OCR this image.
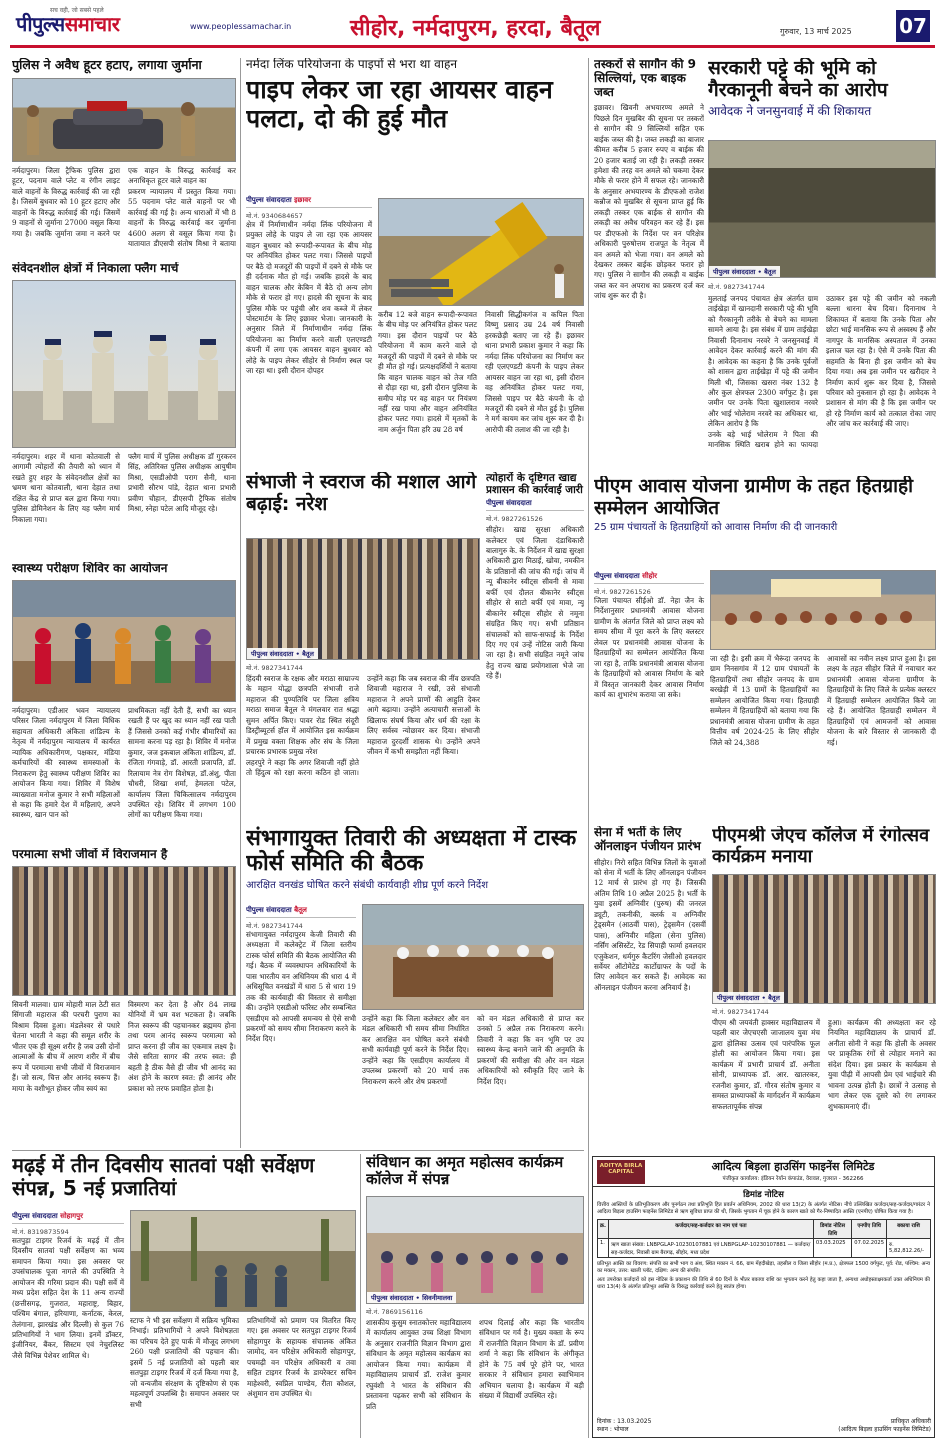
पीपुल्ससमाचार
सच वही, जो सबसे पहले
www.peoplessamachar.in	सीहोर, नर्मदापुरम, हरदा, बैतूल	गुरुवार, 13 मार्च 2025 07
पुलिस ने अवैध हूटर हटाए, लगाया जुर्माना

नर्मदापुरम। जिला ट्रैफिक पुलिस द्वारा हूटर, पदनाम वाले प्लेट व रंगीन लाइट वाले वाहनों के विरुद्ध कार्रवाई की जा रही है। जिसमें बुधवार को 10 हूटर हटाए और वाहनों के विरुद्ध कार्रवाई की गई। जिसमें 9 वाहनों से जुर्माना 27000 वसूल किया गया है। जबकि जुर्माना जमा न करने पर एक वाहन के विरुद्ध कार्रवाई कर अनाधिकृत हूटर वाले वाहन का

प्रकरण न्यायालय में प्रस्तुत किया गया। 55 पदनाम प्लेट वाले वाहनों पर भी कार्रवाई की गई है। अन्य धाराओं में भी 8 वाहनों के विरुद्ध कार्रवाई कर जुर्माना 4600 अलग से वसूल किया गया है। यातायात डीएसपी संतोष मिश्रा ने बताया

संवेदनशील क्षेत्रों में निकाला फ्लैग मार्च

नर्मदापुरम। शहर में थाना कोतवाली से आगामी त्योहारों की तैयारी को ध्यान में रखते हुए शहर के संवेदनशील क्षेत्रों का भ्रमण थाना कोतवाली, थाना देहात तथा रक्षित केंद्र से प्राप्त बल द्वारा किया गया। पुलिस डोमिनेशन के लिए यह फ्लैग मार्च निकाला गया।

फ्लैग मार्च में पुलिस अधीक्षक डॉ गुरकरन सिंह, अतिरिक्त पुलिस अधीक्षक आयुषीम मिश्रा, एसडीओपी पराग सैनी, थाना प्रभारी सौरभ पांडे, देहात थाना प्रभारी प्रवीण चौहान, डीएसपी ट्रैफिक संतोष मिश्रा, स्नेहा पटेल आदि मौजूद रहे।

स्वास्थ्य परीक्षण शिविर का आयोजन

नर्मदापुरम। एडीआर भवन न्यायालय परिसर जिला नर्मदापुरम में जिला विधिक सहायता अधिकारी अंकिता शांडिल्य के नेतृत्व में नर्मदापुरम न्यायालय में कार्यरत न्यायिक अधिकारीगण, पक्षकार, मंडिया कर्मचारियों की स्वास्थ्य समस्याओं के निराकरण हेतु स्वास्थ्य परीक्षण शिविर का आयोजन किया गया। शिविर में विशेष व्याख्याता मनोज कुमार ने सभी महिलाओं से कहा कि हमारे देश में महिलाएं, अपने स्वास्थ्य, खान पान को

प्राथमिकता नहीं देती हैं, सभी का ध्यान रखती हैं पर खुद का ध्यान नहीं रख पाती हैं जिससे उनको कई गंभीर बीमारियों का सामना करना पड़ रहा है। शिविर में मनोज कुमार, जज इकबाल अंकिता शांडिल्य, डॉ. रंजिता गंगवाड़े, डॉ. आरती प्रजापति, डॉ. रिलायाम नेत्र रोग विशेषज्ञ, डॉ.अंशु, पीता चौधरी, शिखा शर्मा, हेमलता पटेल, कार्यालय जिला चिकित्सालय नर्मदापुरम उपस्थित रहे। शिविर में लगभग 100 लोगों का परीक्षण किया गया।

परमात्मा सभी जीवों में विराजमान है

सिवनी मालवा। ग्राम मोहारी माल ठेटी सत सिंगाजी महाराज की परचरी पुराण का विश्राम दिवस हुआ। मंडलेश्वर से पधारे चेतना भारती ने कहा की समूल शरीर के भीतर एक ही सूक्ष्म शरीर है जब उसी दोनों आत्माओं के बीच में आरण शरीर में बीच रूप में परमात्मा सभी जीवों में विराजमान हैं। जो सत्य, चित्त और आनंद स्वरूप हैं। माया के वशीभूत होकर जीव स्वयं का

विस्मरण कर देता है और 84 लाख योनियों में भ्रम वश भटकता है। जबकि निज स्वरूप की पहचानकर ब्रह्ममय होना तथा परम आनंद स्वरूप परमात्मा को प्राप्त करना ही जीव का एकमात्र लक्ष्य है। जैसे सरिता सागर की तरफ स्वत: ही बहती है ठीक वैसे ही जीव भी आनंद का अंश होने के कारण स्वत: ही आनंद और प्रकाश को तरफ प्रवाहित होता है।

नर्मदा लिंक परियोजना के पाइपों से भरा था वाहन
पाइप लेकर जा रहा आयसर वाहन पलटा, दो की हुई मौत
पीपुल्स संवाददाता इछावर
मो.नं. 9340684657
क्षेत्र में निर्माणाधीन नर्मदा लिंक परियोजना में प्रयुक्त लोहे के पाइप ले जा रहा एक आयसर वाहन बुधवार को रूपादी-रूपावत के बीच मोड़ पर अनियंत्रित होकर पलट गया। जिससे पाइपों पर बैठे दो मजदूरों की पाइपों में दबने से मौके पर ही दर्दनाक मौत हो गई। जबकि हादसे के बाद वाहन चालक और केबिन में बैठे दो अन्य लोग मौके से फरार हो गए। हादसे की सूचना के बाद पुलिस मौके पर पहुंची और शव कब्जे में लेकर पोस्टमार्टम के लिए इछावर भेजा। जानकारी के अनुसार जिले में निर्माणाधीन नर्मदा लिंक परियोजना का निर्माण करने वाली एलएण्डटी कंपनी में लगा एक आयसर वाहन बुधवार को लोहे के पाइप लेकर सीहोर से निर्माण स्थल पर जा रहा था। इसी दौरान दोपहर

करीब 12 बजे वाहन रूपादी-रूपावत के बीच मोड़ पर अनियंत्रित होकर पलट गया। इस दौरान पाइपों पर बैठे परियोजना में काम करने वाले दो मजदूरों की पाइपों में दबने से मौके पर ही मौत हो गई। प्रत्यक्षदर्शियों ने बताया कि वाहन चालक वाहन को तेज गति से दौड़ा रहा था, इसी दौरान पुलिया के समीप मोड़ पर वह वाहन पर नियंत्रण नहीं रख पाया और वाहन अनियंत्रित होकर पलट गया। हादसे में मृतकों के नाम अर्जुन पिता हरि उम्र 28 वर्ष

निवासी सिद्धीकगंज व कपिल पिता विष्णु प्रसाद उम्र 24 वर्ष निवासी हरकछेड़ी बताए जा रहे हैं। इछावर थाना प्रभारी प्रकाश कुमार ने कहा कि नर्मदा लिंक परियोजना का निर्माण कर रही एलएण्डटी कंपनी के पाइप लेकर आयसर वाहन जा रहा था, इसी दौरान वह अनियंत्रित होकर पलट गया, जिससे पाइप पर बैठे कंपनी के दो मजदूरों की दबने से मौत हुई है। पुलिस ने मर्ग कायम कर जांच शुरू कर दी है। आरोपी की तलाश की जा रही है।

तस्करों से सागौन की 9 सिल्लियां, एक बाइक जब्त
इछावर। खिवनी अभयारण्य अमले ने पिछले दिन मुखबिर की सूचना पर तस्करों से सागौन की 9 सिल्लियों सहित एक बाईक जब्त की है। जब्त लकड़ी का बाजार कीमत करीब 5 हजार रुपए व बाईक की 20 हजार बताई जा रही है। लकड़ी तस्कर हमेशा की तरह वन अमले को चकमा देकर मौके से फरार होने में सफल रहे। जानकारी के अनुसार अभयारण्य के डीएफओ राजेश कन्नौज को मुखबिर से सूचना प्राप्त हुई कि लकड़ी तस्कर एक बाईक से सागौन की लकड़ी का अवैध परिवहन कर रहे हैं। इस पर डीएफओ के निर्देश पर वन परिक्षेत्र अधिकारी पुरुषोत्तम राजपूत के नेतृत्व में वन अमले को भेजा गया। वन अमले को देखकर तस्कर बाईक छोड़कर फरार हो गए। पुलिस ने सागौन की लकड़ी व बाईक जब्त कर वन अपराध का प्रकरण दर्ज कर जांच शुरू कर दी है।
सरकारी पट्टे की भूमि को गैरकानूनी बेचने का आरोप
आवेदक ने जनसुनवाई में की शिकायत
पीपुल्स संवाददाता • बैतूल
मो.नं. 9827341744

मुलताई जनपद पंचायत क्षेत्र अंतर्गत ग्राम ताईखेड़ा में खानदानी सरकारी पट्टे की भूमि को गैरकानूनी तरीके से बेचने का मामला सामने आया है। इस संबंध में ग्राम ताईखेड़ा निवासी दिनानाथ नरवरे ने जनसुनवाई में आवेदन देकर कार्रवाई करने की मांग की है। आवेदक का कहना है कि उनके पूर्वजों को शासन द्वारा ताईखेड़ा में पट्टे की जमीन मिली थी, जिसका खसरा नंबर 132 है और कुल क्षेत्रफल 2300 वर्गफुट है। इस जमीन पर उनके पिता खुशालराव नरवरे और भाई भोलेराम नरवरे का अधिकार था, लेकिन आरोप है कि

उनके बड़े भाई भोलेराम ने पिता की मानसिक स्थिति खराब होने का फायदा उठाकर इस पट्टे की जमीन को नकली बल्ला धारना बेच दिया। दिनानाथ ने शिकायत में बताया कि उनके पिता और छोटा भाई मानसिक रूप से अस्वस्थ हैं और नागपुर के मानसिक अस्पताल में उनका इलाज चल रहा है। ऐसे में उनके पिता की सहमति के बिना ही इस जमीन को बेच दिया गया। अब इस जमीन पर खरीदार ने निर्माण कार्य शुरू कर दिया है, जिससे परिवार को नुकसान हो रहा है। आवेदक ने प्रशासन से मांग की है कि इस जमीन पर हो रहे निर्माण कार्य को तत्काल रोका जाए और जांच कर कार्रवाई की जाए।

संभाजी ने स्वराज की मशाल आगे बढ़ाई: नरेश
पीपुल्स संवाददाता • बैतूल
मो.नं. 9827341744

हिंदवी स्वराज के रक्षक और मराठा साम्राज्य के महान योद्धा छत्रपति संभाजी राजे महाराज की पुण्यतिथि पर जिला क्षत्रिय मराठा समाज बैतूल ने मंगलवार रात श्रद्धा सुमन अर्पित किए। पावर रोड स्थित संदूरी डिस्ट्रीब्यूटर्स हॉल में आयोजित इस कार्यक्रम में प्रमुख वक्ता शिक्षक और संघ के जिला प्रचारक प्रभारक प्रमुख नरेश

लहरपुरे ने कहा कि अगर शिवाजी नहीं होते तो हिंदुत्व को रक्षा करना कठिन हो जाता। उन्होंने कहा कि जब स्वराज की नींव छत्रपति शिवाजी महाराज ने रखी, उसे संभाजी महाराज ने अपने प्राणों की आहुति देकर आगे बढ़ाया। उन्होंने अत्याचारी सत्ताओं के खिलाफ संघर्ष किया और धर्म की रक्षा के लिए सर्वस्व न्योछावर कर दिया। संभाजी महाराज दुरदर्शी शासक थे। उन्होंने अपने जीवन में कभी समझौता नहीं किया।

त्योहारों के दृष्टिगत खाद्य प्रशासन की कार्रवाई जारी
पीपुल्स संवाददाता
मो.नं. 9827261526
सीहोर। खाद्य सुरक्षा अधिकारी कलेक्टर एवं जिला दंडाधिकारी बालागुरु के. के निर्देशन में खाद्य सुरक्षा अधिकारी द्वारा मिठाई, खोवा, नमकीन के प्रतिष्ठानों की जांच की गई। जांच में न्यू बीकानेर स्वीट्स सीवनी से मावा बर्फी एवं दौलत बीकानेर स्वीट्स सीहोर से साटो बर्फी एवं मावा, न्यू बीकानेर स्वीट्स सीहोर से नमूना संग्रहित किए गए। सभी प्रतिष्ठान संचालकों को साफ-सफाई के निर्देश दिए गए एवं उन्हें नोटिस जारी किया जा रहा है। सभी संग्रहित नमूने जांच हेतु राज्य खाद्य प्रयोगशाला भेजे जा रहे हैं।
पीएम आवास योजना ग्रामीण के तहत हितग्राही सम्मेलन आयोजित
25 ग्राम पंचायतों के हितग्राहियों को आवास निर्माण की दी जानकारी
पीपुल्स संवाददाता सीहोर
मो.नं. 9827261526
जिला पंचायत सीईओ डॉ. नेहा जैन के निर्देशानुसार प्रधानमंत्री आवास योजना ग्रामीण के अंतर्गत जिले को प्राप्त लक्ष्य को समय सीमा में पूरा करने के लिए क्लस्टर लेवल पर प्रधानमंत्री आवास योजना के हितग्राहियों का सम्मेलन आयोजित किया जा रहा है, ताकि प्रधानमंत्री आवास योजना के हितग्राहियों को आवास निर्माण के बारे में विस्तृत जानकारी देकर आवास निर्माण कार्य का शुभारंभ कराया जा सके।

जा रही है। इसी क्रम में भैरूंदा जनपद के ग्राम निनसगांव में 12 ग्राम पंचायतों के हितग्राहियों तथा सीहोर जनपद के ग्राम बरखेड़ी में 13 ग्रामों के हितग्राहियों का सम्मेलन आयोजित किया गया। हितग्राही सम्मेलन में हितग्राहियों को बताया गया कि प्रधानमंत्री आवास योजना ग्रामीण के तहत वित्तीय वर्ष 2024-25 के लिए सीहोर जिले को 24,388

आवासों का नवीन लक्ष्य प्राप्त हुआ है। इस लक्ष्य के तहत सीहोर जिले में नवाचार कर प्रधानमंत्री आवास योजना ग्रामीण के हितग्राहियों के लिए जिले के प्रत्येक क्लस्टर में हितग्राही सम्मेलन आयोजित किये जा रहे हैं। आयोजित हितग्राही सम्मेलन में हितग्राहियों एवं आमजनों को आवास योजना के बारे विस्तार से जानकारी दी गई।

संभागायुक्त तिवारी की अध्यक्षता में टास्क फोर्स समिति की बैठक
आरक्षित वनखंड घोषित करने संबंधी कार्यवाही शीघ्र पूर्ण करने निर्देश
पीपुल्स संवाददाता बैतूल
मो.नं. 9827341744
संभागायुक्त नर्मदापुरम केजी तिवारी की अध्यक्षता में कलेक्ट्रेट में जिला स्तरीय टास्क फोर्स समिति की बैठक आयोजित की गई। बैठक में व्यवस्थापन अधिकारियों के पास भारतीय वन अधिनियम की धारा 4 में अधिसूचित वनखंडों में धारा 5 से धारा 19 तक की कार्यवाही की विस्तार से समीक्षा की। उन्होंने एसडीओ फॉरेस्ट और सम्बन्धित एसडीएम को आपसी समन्वय से ऐसे सभी प्रकरणों को समय सीमा निराकरण करने के निर्देश दिए।

उन्होंने कहा कि जिला कलेक्टर और वन मंडल अधिकारी भी समय सीमा निर्धारित कर आरक्षित वन घोषित करने संबंधी सभी कार्यवाही पूर्ण करने के निर्देश दिए। उन्होंने कहा कि एसडीएम कार्यालय में उपलब्ध प्रकरणों को 20 मार्च तक निराकरण करने और शेष प्रकरणों

को वन मंडल अधिकारी से प्राप्त कर उनको 5 अप्रैल तक निराकरण करने। तिवारी ने कहा कि वन भूमि पर उप स्वास्थ्य केन्द्र बनाने जाने की अनुमति के प्रकरणों की समीक्षा की और वन मंडल अधिकारियों को स्वीकृति दिए जाने के निर्देश दिए।

सेना में भर्ती के लिए ऑनलाइन पंजीयन प्रारंभ
सीहोर। निरो सहित विभिन्न जिलों के युवाओं को सेना में भर्ती के लिए ऑनलाइन पंजीयन 12 मार्च से प्रारंभ हो गए हैं। जिसकी अंतिम तिथि 10 अप्रैल 2025 है। भर्ती के युवा इसमें अग्निवीर (पुरुष) की जनरल ड्यूटी, तकनीकी, क्लर्क व अग्निवीर ट्रेड्समैन (आठवीं पास), ट्रेड्समैन (दसवीं पास), अग्निवीर महिला (सेना पुलिस) नर्सिंग असिस्टेंट, रेड सिपाही फार्मा हवलदार एजुकेशन, धर्मगुरु कैटरिंग जेसीओ हवलदार सर्वेयर ऑटोमेटेड कार्टोग्राफर के पदों के लिए आवेदन कर सकते हैं। आवेदक का ऑनलाइन पंजीयन करना अनिवार्य है।
पीएमश्री जेएच कॉलेज में रंगोत्सव कार्यक्रम मनाया
पीपुल्स संवाददाता • बैतूल
मो.नं. 9827341744

पीएम श्री जयवंती हाक्सर महाविद्यालय में पहली बार जेएचएसी जाजालय युवा मंच द्वारा होलिका उत्सव एवं पारंपरिक फूल होली का आयोजन किया गया। इस कार्यक्रम में प्रभारी प्राचार्य डॉ. अनीता सोनी, प्राध्यापक डॉ. आर. खातरकर, रजनीश कुमार, डॉ. गौरव संतोष कुमार व समस्त प्राध्यापकों के मार्गदर्शन में कार्यक्रम सफलतापूर्वक संपन्न

हुआ। कार्यक्रम की अध्यक्षता कर रहे नियमित महाविद्यालय के प्राचार्य डॉ. अनीता सोनी ने कहा कि होली के अवसर पर प्राकृतिक रंगों से त्योहार मनाने का संदेश दिया। इस प्रकार के कार्यक्रम से युवा पीढ़ी में आपसी प्रेम एवं भाईचारे की भावना उत्पन्न होती है। छात्रों ने उत्साह से भाग लेकर एक दूसरे को रंग लगाकर शुभकामनाएं दीं।

मढ़ई में तीन दिवसीय सातवां पक्षी सर्वेक्षण संपन्न, 5 नई प्रजातियां
पीपुल्स संवाददाता सोहागपुर
मो.नं. 8319873594
सतपुड़ा टाइगर रिजर्व के मढ़ई में तीन दिवसीय सातवां पक्षी सर्वेक्षण का भव्य समापन किया गया। इस अवसर पर उपसंचालक पूजा नागले की उपस्थिति ने आयोजन की गरिमा प्रदान की। पक्षी सर्वे में मध्य प्रदेश सहित देश के 11 अन्य राज्यों (छत्तीसगढ़, गुजरात, महाराष्ट्र, बिहार, पश्चिम बंगाल, हरियाणा, कर्नाटक, केरल, तेलंगाना, झारखंड और दिल्ली) से कुल 76 प्रतिभागियों ने भाग लिया। इनमें डॉक्टर, इंजीनियर, बैंकर, सिस्टम एवं नेचुरलिस्ट जैसे विभिन्न पेशेवर शामिल थे।

स्टाफ ने भी इस सर्वेक्षण में सक्रिय भूमिका निभाई। प्रतिभागियों ने अपने विशेषज्ञता का परिचय देते हुए पार्क में मौजूद लगभग 260 पक्षी प्रजातियों की पहचान की। इसमें 5 नई प्रजातियों को पहली बार सतपुड़ा टाइगर रिजर्व में दर्ज किया गया है, जो वन्यजीव संरक्षण के दृष्टिकोण से एक महत्वपूर्ण उपलब्धि है। समापन अवसर पर सभी

प्रतिभागियों को प्रमाण पत्र वितरित किए गए। इस अवसर पर सतपुड़ा टाइगर रिजर्व सोहागपुर के सहायक संचालक अंकित जामोद, वन परिक्षेत्र अधिकारी सोहागपुर, पचमढ़ी वन परिक्षेत्र अधिकारी व तवा सहित टाइगर रिजर्व के डायरेक्टर सचिन माहेश्वरी, स्वप्निल पाण्डेय, रीता कौशल, अंशुमान राम उपस्थित थे।

संविधान का अमृत महोत्सव कार्यक्रम कॉलेज में संपन्न
पीपुल्स संवाददाता • सिवनीमालवा
मो.नं. 7869156116

शासकीय कुसुम स्नातकोत्तर महाविद्यालय में कार्यालय आयुक्त उच्च शिक्षा विभाग के अनुसार राजनीति विज्ञान विभाग द्वारा संविधान के अमृत महोत्सव कार्यक्रम का आयोजन किया गया। कार्यक्रम में महाविद्यालय प्राचार्य डॉ. राजेश कुमार रघुवंशी ने भारत के संविधान की प्रस्तावना पढ़कर सभी को संविधान के प्रति

शपथ दिलाई और कहा कि भारतीय संविधान पर गर्व है। मुख्य वक्ता के रूप में राजनीति विज्ञान विभाग के डॉ. प्रवीण शर्मा ने कहा कि संविधान के अंगीकृत होने के 75 वर्ष पूरे होने पर, भारत सरकार ने संविधान हमारा स्वाभिमान अभियान चलाया है। कार्यक्रम में बड़ी संख्या में विद्यार्थी उपस्थित रहे।

ADITYA BIRLA CAPITAL	आदित्य बिड़ला हाउसिंग फाइनेंस लिमिटेड
पंजीकृत कार्यालय: इंडियन रेयॉन कंपाउंड, वेरावल, गुजरात - 362266
डिमांड नोटिस
वित्तीय आस्तियों के प्रतिभूतिकरण और पुनर्गठन तथा प्रतिभूति हित प्रवर्तन अधिनियम, 2002 की धारा 13(2) के अंतर्गत नोटिस। नीचे उल्लिखित कर्जदार/सह-कर्जदार/गारंटर ने आदित्य बिड़ला हाउसिंग फाइनेंस लिमिटेड से ऋण सुविधा प्राप्त की थी, जिसके भुगतान में चूक होने के कारण खाते को गैर-निष्पादित आस्ति (एनपीए) घोषित किया गया है।
क्र.	कर्जदार/सह-कर्जदार का नाम एवं पता	डिमांड नोटिस तिथि	एनपीए तिथि	बकाया राशि
1.	ऋण खाता संख्या: LNBPGLAP-10230107881 एवं LNBPGLAP-10230107881 — कर्जदार/सह-कर्जदार, निवासी ग्राम बैरागढ़, सीहोर, मध्य प्रदेश	03.03.2025	07.02.2025	रु. 5,82,812.26/-
प्रतिभूत आस्ति का विवरण: संपत्ति का सभी भाग व अंश, स्थित मकान नं. 66, ग्राम मेंहदीखेड़ा, तहसील व जिला सीहोर (म.प्र.), क्षेत्रफल 1500 वर्गफुट, पूर्व: रोड, पश्चिम: अन्य का मकान, उत्तर: खाली प्लॉट, दक्षिण: अन्य की संपत्ति।
अतः उपरोक्त कर्जदारों को इस नोटिस के प्रकाशन की तिथि से 60 दिनों के भीतर बकाया राशि का भुगतान करने हेतु कहा जाता है, अन्यथा अधोहस्ताक्षरकर्ता उक्त अधिनियम की धारा 13(4) के अंतर्गत प्रतिभूत आस्ति के विरुद्ध कार्रवाई करने हेतु स्वतंत्र होगा।
दिनांक : 13.03.2025
स्थान : भोपाल
प्राधिकृत अधिकारी
(आदित्य बिड़ला हाउसिंग फाइनेंस लिमिटेड)
